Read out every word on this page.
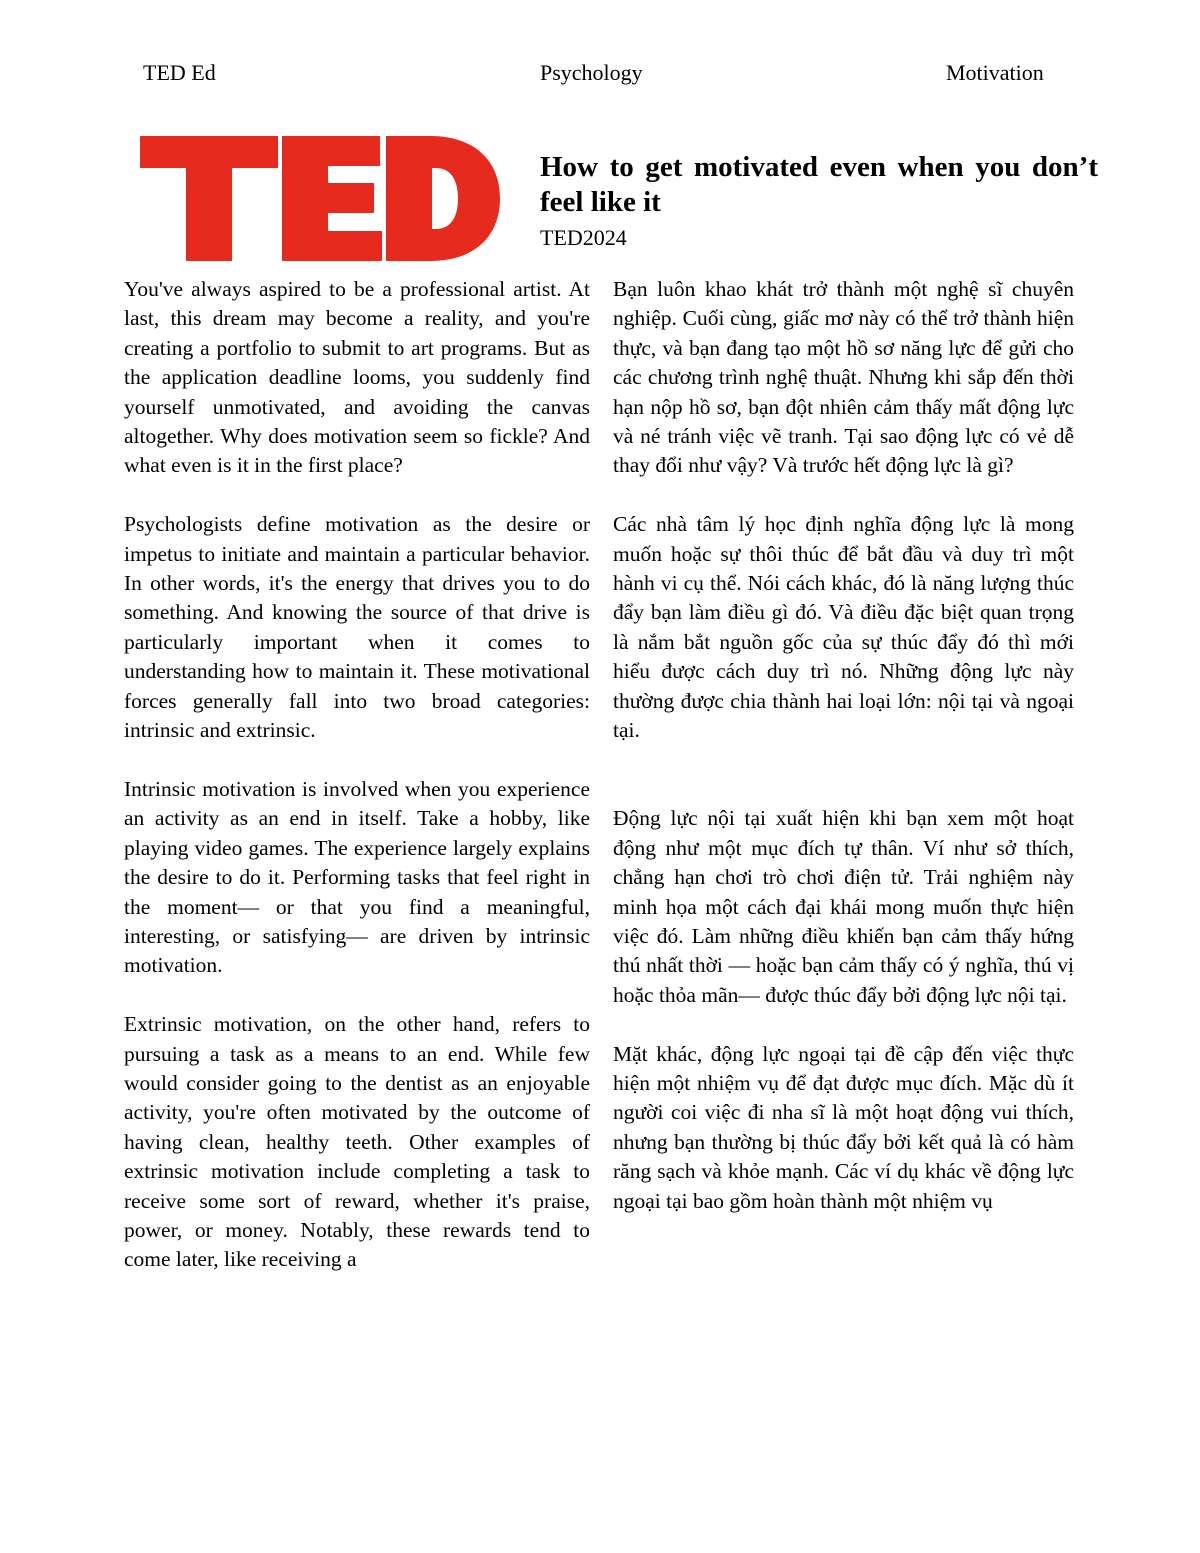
TED Ed	Psychology	Motivation
How to get motivated even when you don’t feel like it
TED2024

You've always aspired to be a professional artist. At last, this dream may become a reality, and you're creating a portfolio to submit to art programs. But as the application deadline looms, you suddenly find yourself unmotivated, and avoiding the canvas altogether. Why does motivation seem so fickle? And what even is it in the first place?

Psychologists define motivation as the desire or impetus to initiate and maintain a particular behavior. In other words, it's the energy that drives you to do something. And knowing the source of that drive is particularly important when it comes to understanding how to maintain it. These motivational forces generally fall into two broad categories: intrinsic and extrinsic.

Intrinsic motivation is involved when you experience an activity as an end in itself. Take a hobby, like playing video games. The experience largely explains the desire to do it. Performing tasks that feel right in the moment— or that you find a meaningful, interesting, or satisfying— are driven by intrinsic motivation.

Extrinsic motivation, on the other hand, refers to pursuing a task as a means to an end. While few would consider going to the dentist as an enjoyable activity, you're often motivated by the outcome of having clean, healthy teeth. Other examples of extrinsic motivation include completing a task to receive some sort of reward, whether it's praise, power, or money. Notably, these rewards tend to come later, like receiving a

Bạn luôn khao khát trở thành một nghệ sĩ chuyên nghiệp. Cuối cùng, giấc mơ này có thể trở thành hiện thực, và bạn đang tạo một hồ sơ năng lực để gửi cho các chương trình nghệ thuật. Nhưng khi sắp đến thời hạn nộp hồ sơ, bạn đột nhiên cảm thấy mất động lực và né tránh việc vẽ tranh. Tại sao động lực có vẻ dễ thay đổi như vậy? Và trước hết động lực là gì?

Các nhà tâm lý học định nghĩa động lực là mong muốn hoặc sự thôi thúc để bắt đầu và duy trì một hành vi cụ thể. Nói cách khác, đó là năng lượng thúc đẩy bạn làm điều gì đó. Và điều đặc biệt quan trọng là nắm bắt nguồn gốc của sự thúc đẩy đó thì mới hiểu được cách duy trì nó. Những động lực này thường được chia thành hai loại lớn: nội tại và ngoại tại.

Động lực nội tại xuất hiện khi bạn xem một hoạt động như một mục đích tự thân. Ví như sở thích, chẳng hạn chơi trò chơi điện tử. Trải nghiệm này minh họa một cách đại khái mong muốn thực hiện việc đó. Làm những điều khiến bạn cảm thấy hứng thú nhất thời — hoặc bạn cảm thấy có ý nghĩa, thú vị hoặc thỏa mãn— được thúc đẩy bởi động lực nội tại.

Mặt khác, động lực ngoại tại đề cập đến việc thực hiện một nhiệm vụ để đạt được mục đích. Mặc dù ít người coi việc đi nha sĩ là một hoạt động vui thích, nhưng bạn thường bị thúc đẩy bởi kết quả là có hàm răng sạch và khỏe mạnh. Các ví dụ khác về động lực ngoại tại bao gồm hoàn thành một nhiệm vụ
